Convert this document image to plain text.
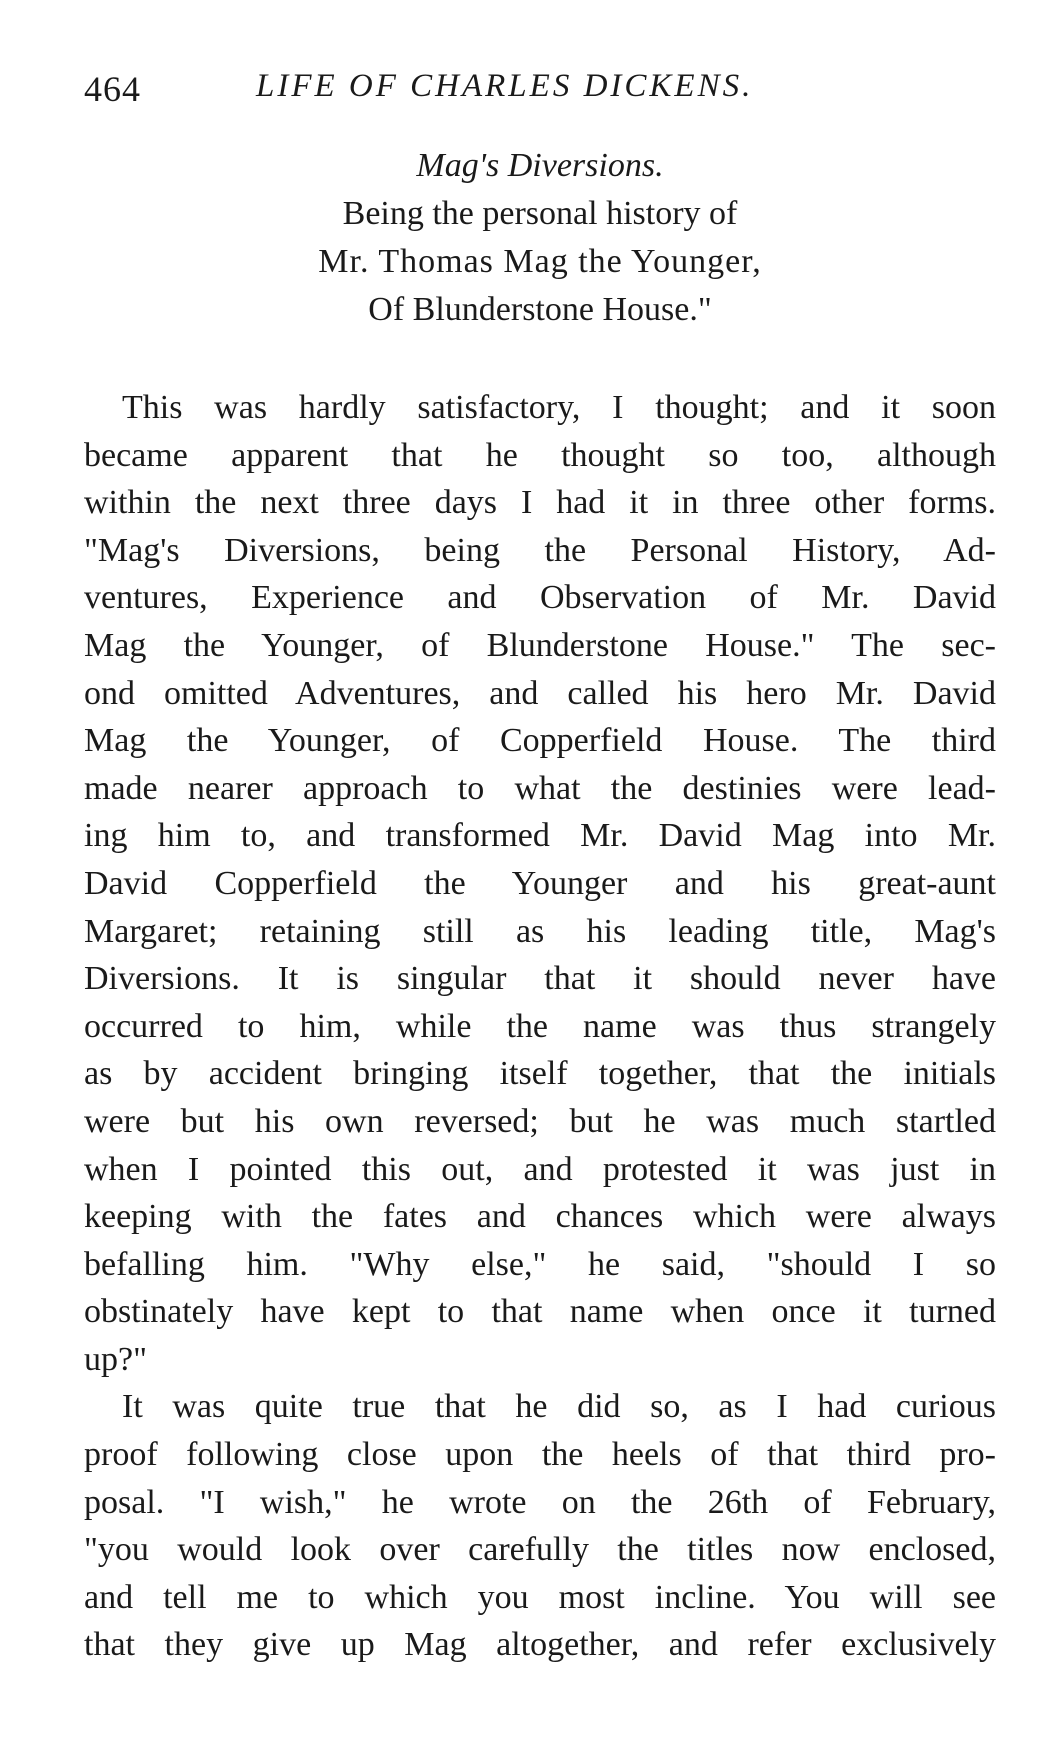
464	LIFE OF CHARLES DICKENS.
Mag's Diversions.
Being the personal history of
Mr. Thomas Mag the Younger,
Of Blunderstone House."

This was hardly satisfactory, I thought; and it soon
became apparent that he thought so too, although
within the next three days I had it in three other forms.
"Mag's Diversions, being the Personal History, Ad-
ventures, Experience and Observation of Mr. David
Mag the Younger, of Blunderstone House." The sec-
ond omitted Adventures, and called his hero Mr. David
Mag the Younger, of Copperfield House. The third
made nearer approach to what the destinies were lead-
ing him to, and transformed Mr. David Mag into Mr.
David Copperfield the Younger and his great-aunt
Margaret; retaining still as his leading title, Mag's
Diversions. It is singular that it should never have
occurred to him, while the name was thus strangely
as by accident bringing itself together, that the initials
were but his own reversed; but he was much startled
when I pointed this out, and protested it was just in
keeping with the fates and chances which were always
befalling him. "Why else," he said, "should I so
obstinately have kept to that name when once it turned
up?"

It was quite true that he did so, as I had curious
proof following close upon the heels of that third pro-
posal. "I wish," he wrote on the 26th of February,
"you would look over carefully the titles now enclosed,
and tell me to which you most incline. You will see
that they give up Mag altogether, and refer exclusively
